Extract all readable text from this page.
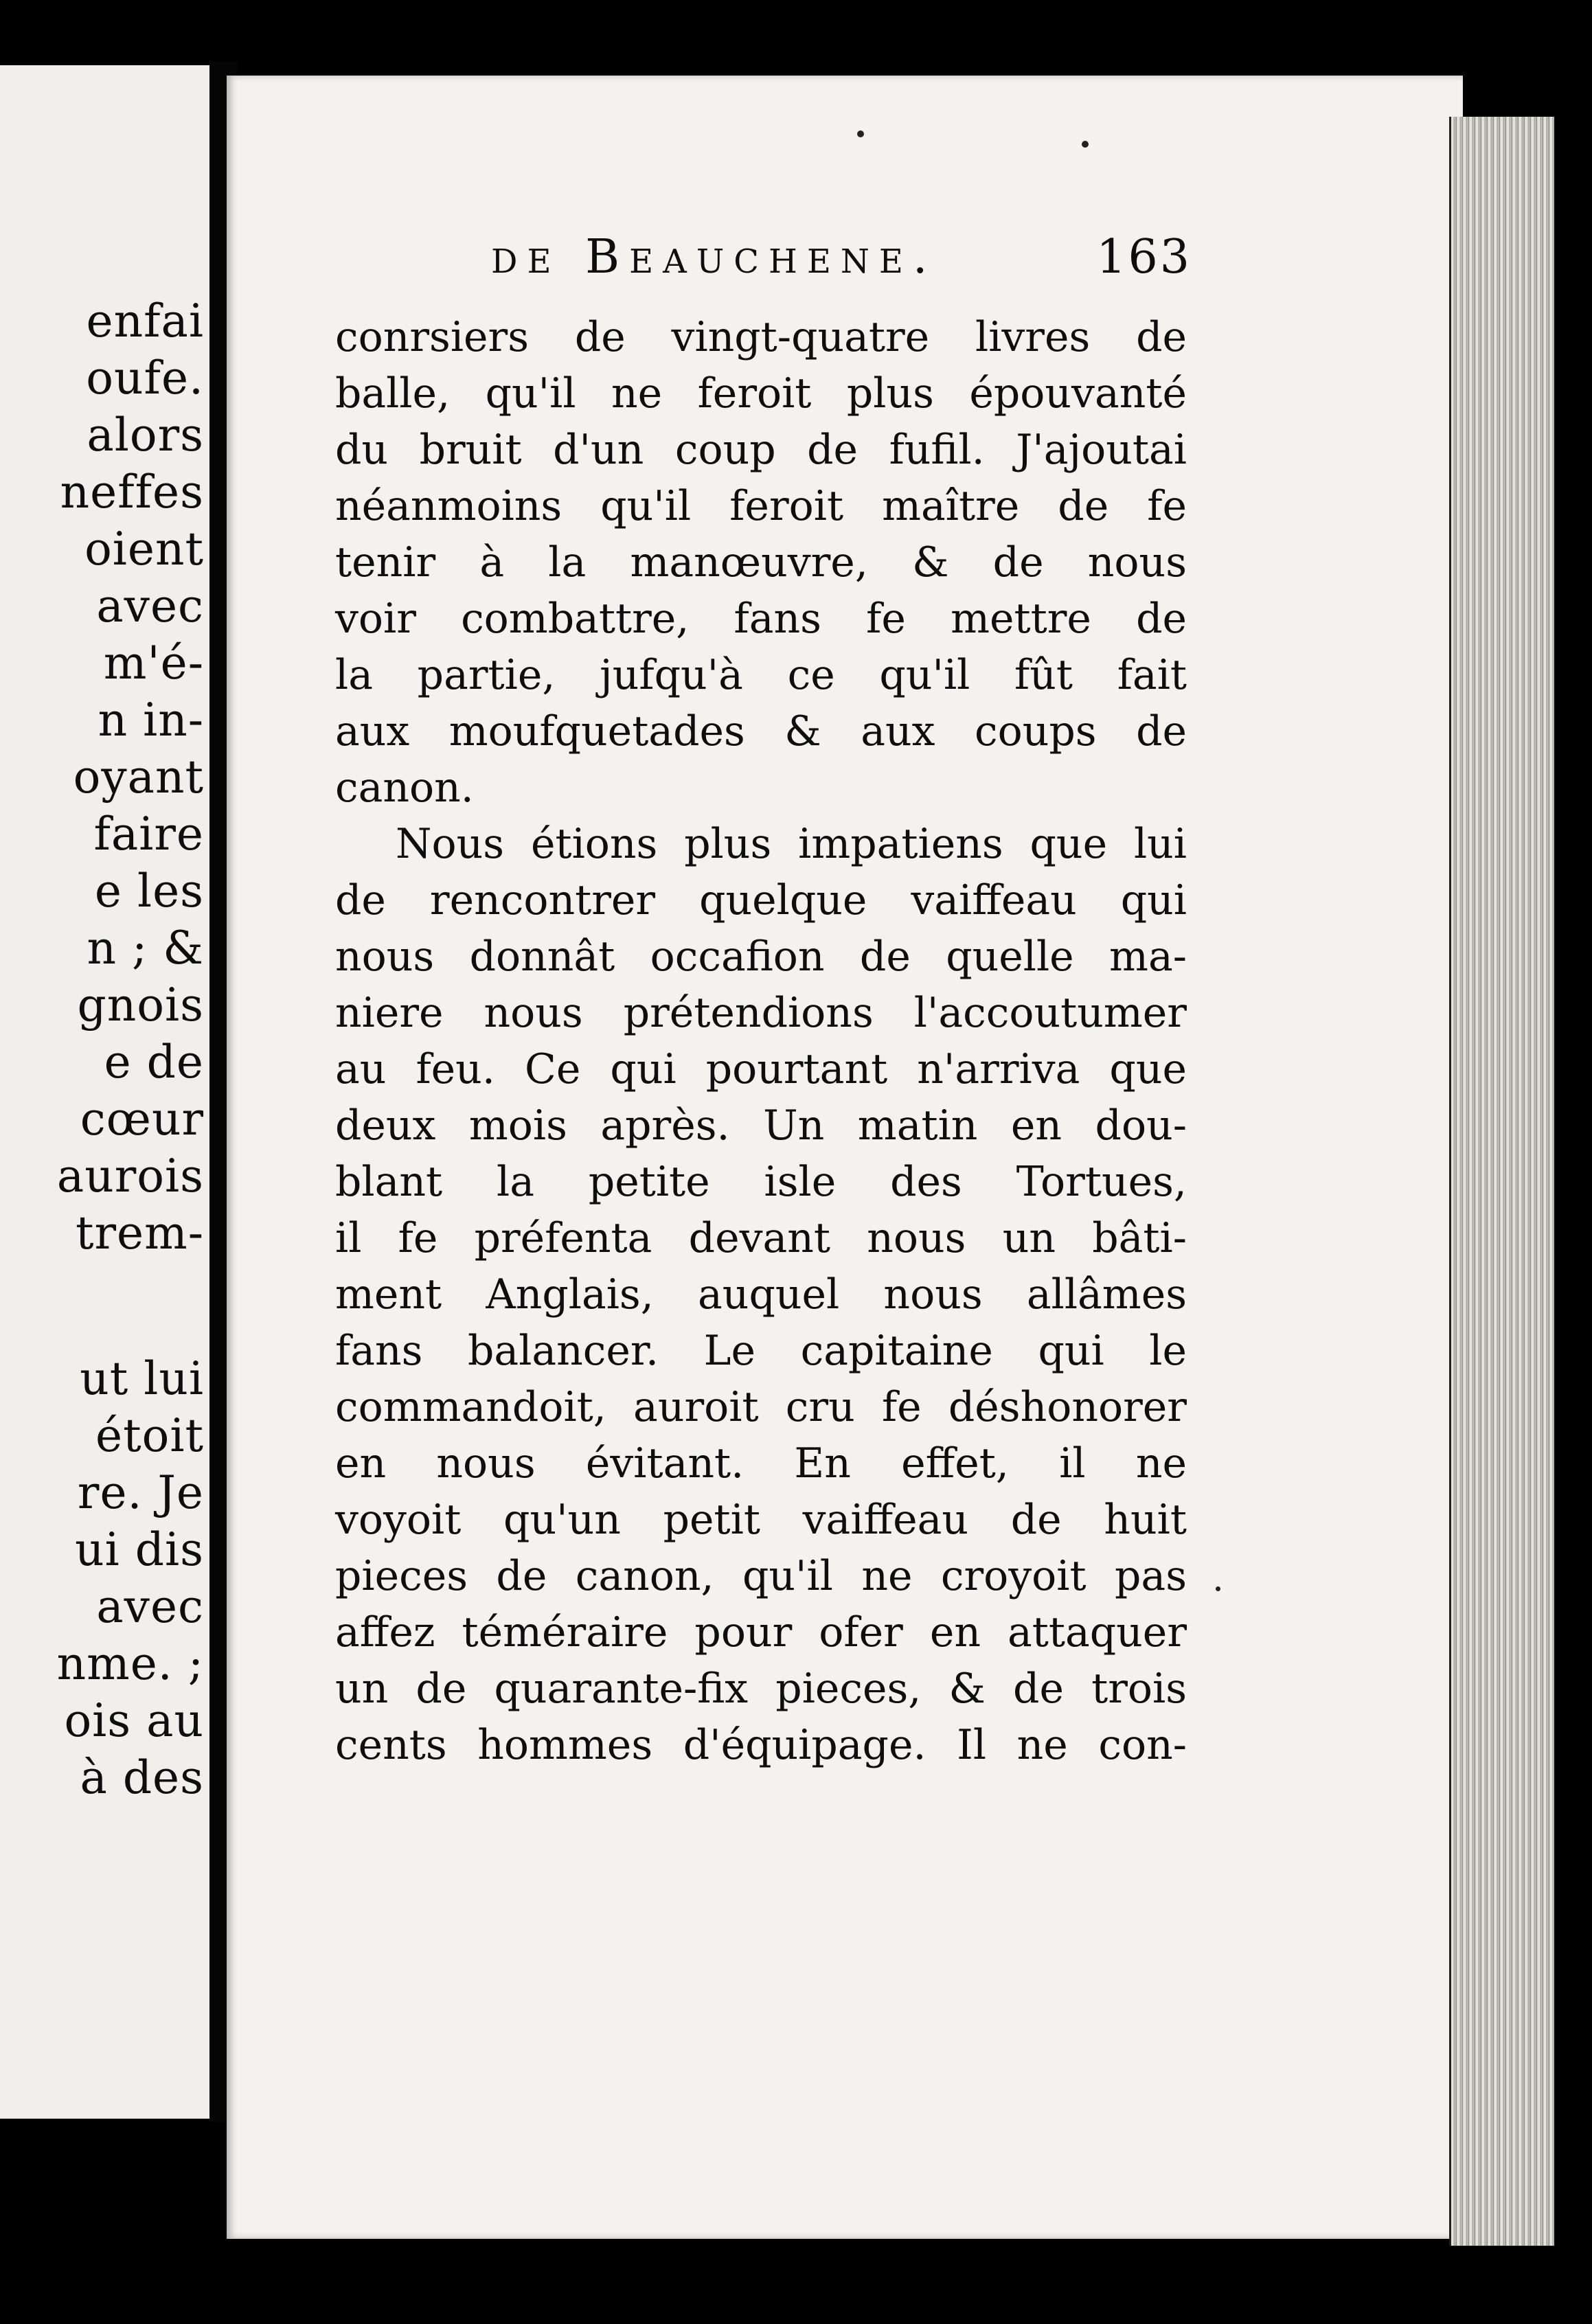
enfai
oufe.
alors
neffes
oient
avec
m'é-
n in-
oyant
faire
e les
n ; &
gnois
e de
cœur
aurois
trem-
ut lui
étoit
re. Je
ui dis
avec
nme. ;
ois au
à des
de Beauchene.	163
conrsiers de vingt-quatre livres de
balle, qu'il ne feroit plus épouvanté
du bruit d'un coup de fufil. J'ajoutai
néanmoins qu'il feroit maître de fe
tenir à la manœuvre, & de nous
voir combattre, fans fe mettre de
la partie, jufqu'à ce qu'il fût fait
aux moufquetades & aux coups de
canon.
Nous étions plus impatiens que lui
de rencontrer quelque vaiffeau qui
nous donnât occafion de quelle ma-
niere nous prétendions l'accoutumer
au feu. Ce qui pourtant n'arriva que
deux mois après. Un matin en dou-
blant la petite isle des Tortues,
il fe préfenta devant nous un bâti-
ment Anglais, auquel nous allâmes
fans balancer. Le capitaine qui le
commandoit, auroit cru fe déshonorer
en nous évitant. En effet, il ne
voyoit qu'un petit vaiffeau de huit
pieces de canon, qu'il ne croyoit pas
affez téméraire pour ofer en attaquer
un de quarante-fix pieces, & de trois
cents hommes d'équipage. Il ne con-
